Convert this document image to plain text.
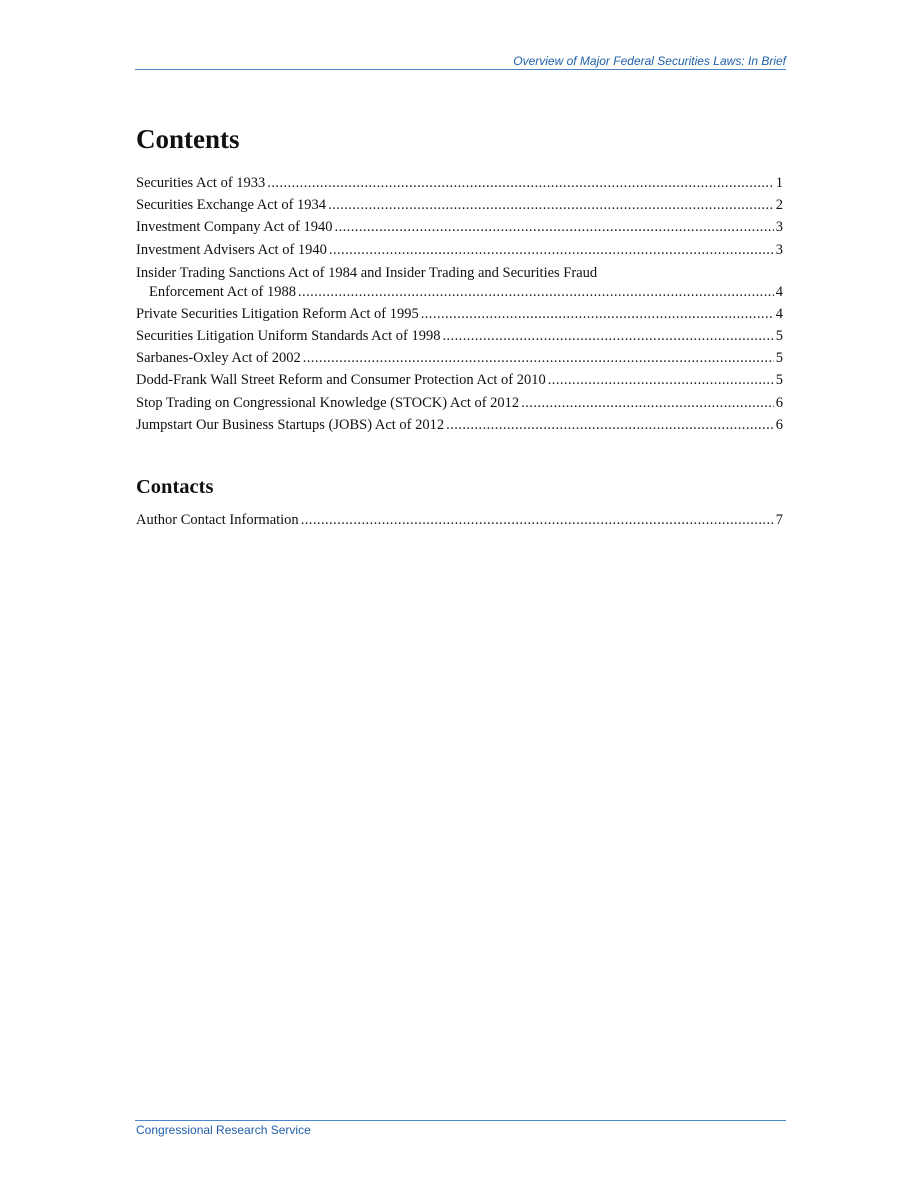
Overview of Major Federal Securities Laws: In Brief
Contents
Securities Act of 1933 . . .	1
Securities Exchange Act of 1934 . . .	2
Investment Company Act of 1940 . . .	3
Investment Advisers Act of 1940 . . .	3
Insider Trading Sanctions Act of 1984 and Insider Trading and Securities Fraud
Enforcement Act of 1988 . . .	4
Private Securities Litigation Reform Act of 1995 . . .	4
Securities Litigation Uniform Standards Act of 1998 . . .	5
Sarbanes-Oxley Act of 2002 . . .	5
Dodd-Frank Wall Street Reform and Consumer Protection Act of 2010 . . .	5
Stop Trading on Congressional Knowledge (STOCK) Act of 2012 . . .	6
Jumpstart Our Business Startups (JOBS) Act of 2012 . . .	6
Contacts
Author Contact Information . . .	7
Congressional Research Service
